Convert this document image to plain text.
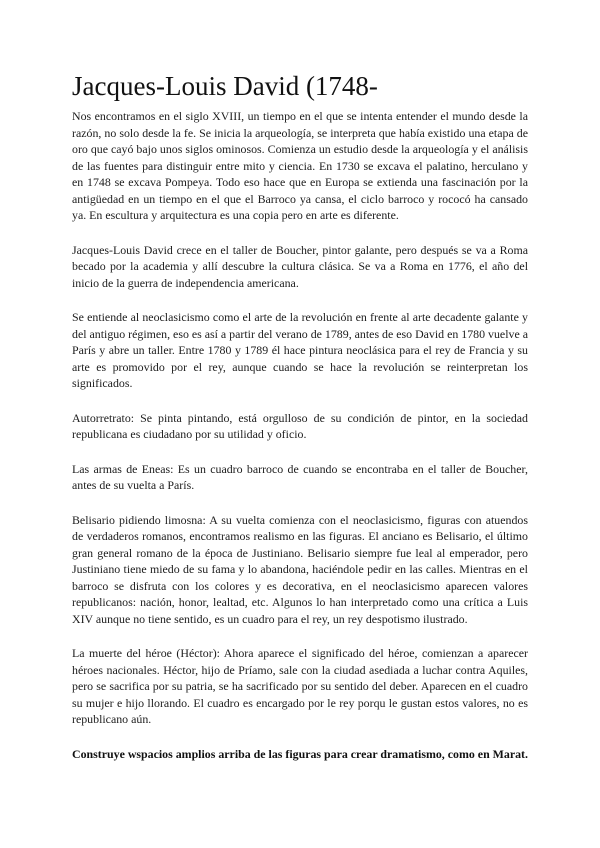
Jacques-Louis David (1748-

Nos encontramos en el siglo XVIII, un tiempo en el que se intenta entender el mundo desde la razón, no solo desde la fe. Se inicia la arqueología, se interpreta que había existido una etapa de oro que cayó bajo unos siglos ominosos. Comienza un estudio desde la arqueología y el análisis de las fuentes para distinguir entre mito y ciencia. En 1730 se excava el palatino, herculano y en 1748 se excava Pompeya. Todo eso hace que en Europa se extienda una fascinación por la antigüedad en un tiempo en el que el Barroco ya cansa, el ciclo barroco y rococó ha cansado ya. En escultura y arquitectura es una copia pero en arte es diferente.

Jacques-Louis David crece en el taller de Boucher, pintor galante, pero después se va a Roma becado por la academia y allí descubre la cultura clásica. Se va a Roma en 1776, el año del inicio de la guerra de independencia americana.

Se entiende al neoclasicismo como el arte de la revolución en frente al arte decadente galante y del antiguo régimen, eso es así a partir del verano de 1789, antes de eso David en 1780 vuelve a París y abre un taller. Entre 1780 y 1789 él hace pintura neoclásica para el rey de Francia y su arte es promovido por el rey, aunque cuando se hace la revolución se reinterpretan los significados.

Autorretrato: Se pinta pintando, está orgulloso de su condición de pintor, en la sociedad republicana es ciudadano por su utilidad y oficio.

Las armas de Eneas: Es un cuadro barroco de cuando se encontraba en el taller de Boucher, antes de su vuelta a París.

Belisario pidiendo limosna: A su vuelta comienza con el neoclasicismo, figuras con atuendos de verdaderos romanos, encontramos realismo en las figuras. El anciano es Belisario, el último gran general romano de la época de Justiniano. Belisario siempre fue leal al emperador, pero Justiniano tiene miedo de su fama y lo abandona, haciéndole pedir en las calles. Mientras en el barroco se disfruta con los colores y es decorativa, en el neoclasicismo aparecen valores republicanos: nación, honor, lealtad, etc. Algunos lo han interpretado como una crítica a Luis XIV aunque no tiene sentido, es un cuadro para el rey, un rey despotismo ilustrado.

La muerte del héroe (Héctor): Ahora aparece el significado del héroe, comienzan a aparecer héroes nacionales. Héctor, hijo de Príamo, sale con la ciudad asediada a luchar contra Aquiles, pero se sacrifica por su patria, se ha sacrificado por su sentido del deber. Aparecen en el cuadro su mujer e hijo llorando. El cuadro es encargado por le rey porqu le gustan estos valores, no es republicano aún.

Construye wspacios amplios arriba de las figuras para crear dramatismo, como en Marat.
